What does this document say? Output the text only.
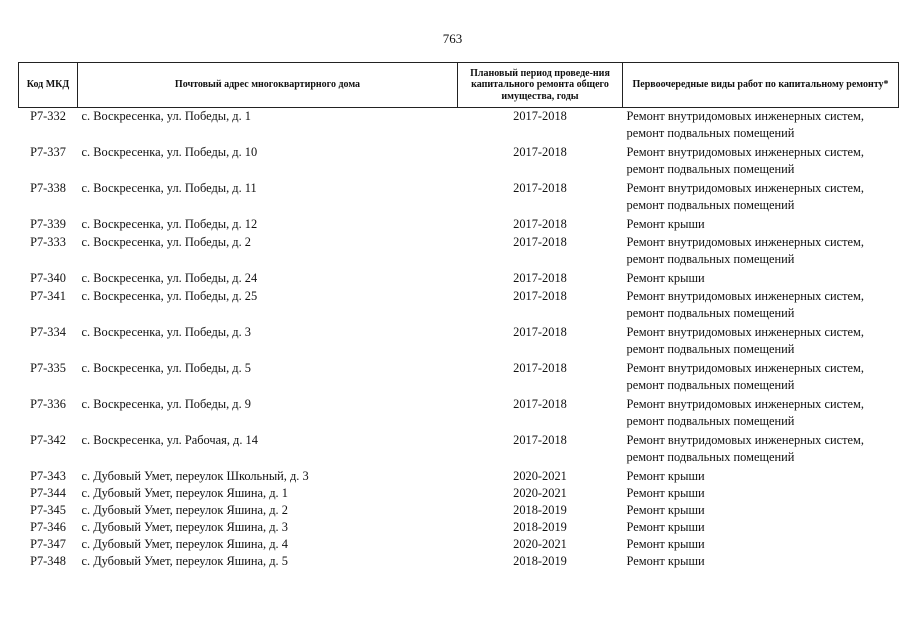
763
Код МКД	Почтовый адрес многоквартирного дома	Плановый период проведе-ния капитального ремонта общего имущества, годы	Первоочередные виды работ по капитальному ремонту*
Р7-332	с. Воскресенка, ул. Победы, д. 1	2017-2018	Ремонт внутридомовых инженерных систем, ремонт подвальных помещений
Р7-337	с. Воскресенка, ул. Победы, д. 10	2017-2018	Ремонт внутридомовых инженерных систем, ремонт подвальных помещений
Р7-338	с. Воскресенка, ул. Победы, д. 11	2017-2018	Ремонт внутридомовых инженерных систем, ремонт подвальных помещений
Р7-339	с. Воскресенка, ул. Победы, д. 12	2017-2018	Ремонт крыши
Р7-333	с. Воскресенка, ул. Победы, д. 2	2017-2018	Ремонт внутридомовых инженерных систем, ремонт подвальных помещений
Р7-340	с. Воскресенка, ул. Победы, д. 24	2017-2018	Ремонт крыши
Р7-341	с. Воскресенка, ул. Победы, д. 25	2017-2018	Ремонт внутридомовых инженерных систем, ремонт подвальных помещений
Р7-334	с. Воскресенка, ул. Победы, д. 3	2017-2018	Ремонт внутридомовых инженерных систем, ремонт подвальных помещений
Р7-335	с. Воскресенка, ул. Победы, д. 5	2017-2018	Ремонт внутридомовых инженерных систем, ремонт подвальных помещений
Р7-336	с. Воскресенка, ул. Победы, д. 9	2017-2018	Ремонт внутридомовых инженерных систем, ремонт подвальных помещений
Р7-342	с. Воскресенка, ул. Рабочая, д. 14	2017-2018	Ремонт внутридомовых инженерных систем, ремонт подвальных помещений
Р7-343	с. Дубовый Умет, переулок Школьный, д. 3	2020-2021	Ремонт крыши
Р7-344	с. Дубовый Умет, переулок Яшина, д. 1	2020-2021	Ремонт крыши
Р7-345	с. Дубовый Умет, переулок Яшина, д. 2	2018-2019	Ремонт крыши
Р7-346	с. Дубовый Умет, переулок Яшина, д. 3	2018-2019	Ремонт крыши
Р7-347	с. Дубовый Умет, переулок Яшина, д. 4	2020-2021	Ремонт крыши
Р7-348	с. Дубовый Умет, переулок Яшина, д. 5	2018-2019	Ремонт крыши
